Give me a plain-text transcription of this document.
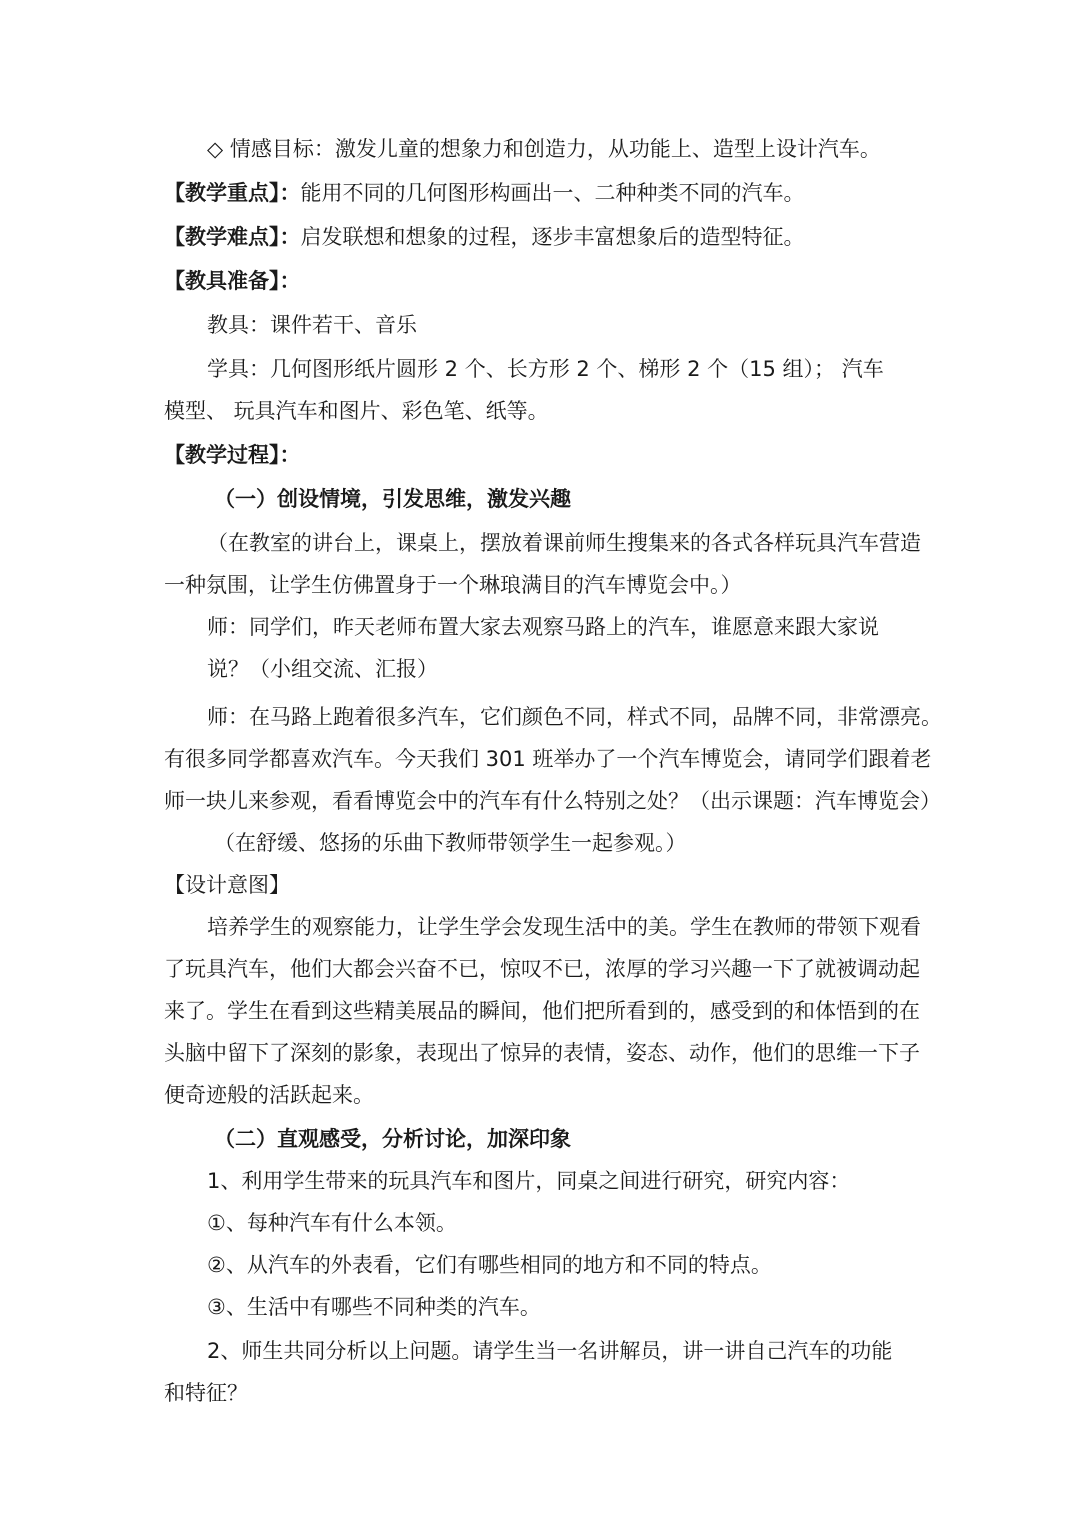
◇ 情感目标：激发儿童的想象力和创造力，从功能上、造型上设计汽车。
【教学重点】：能用不同的几何图形构画出一、二种种类不同的汽车。
【教学难点】：启发联想和想象的过程，逐步丰富想象后的造型特征。
【教具准备】：
教具：课件若干、音乐
学具：几何图形纸片圆形 2 个、长方形 2 个、梯形 2 个（15 组）； 汽车
模型、 玩具汽车和图片、彩色笔、纸等。
【教学过程】：
（一）创设情境，引发思维，激发兴趣
（在教室的讲台上，课桌上，摆放着课前师生搜集来的各式各样玩具汽车营造
一种氛围，让学生仿佛置身于一个琳琅满目的汽车博览会中。）
师：同学们，昨天老师布置大家去观察马路上的汽车，谁愿意来跟大家说
说？（小组交流、汇报）
师：在马路上跑着很多汽车，它们颜色不同，样式不同，品牌不同，非常漂亮。
有很多同学都喜欢汽车。今天我们 301 班举办了一个汽车博览会，请同学们跟着老
师一块儿来参观，看看博览会中的汽车有什么特别之处？（出示课题：汽车博览会）
（在舒缓、悠扬的乐曲下教师带领学生一起参观。）
【设计意图】
培养学生的观察能力，让学生学会发现生活中的美。学生在教师的带领下观看
了玩具汽车，他们大都会兴奋不已，惊叹不已，浓厚的学习兴趣一下了就被调动起
来了。学生在看到这些精美展品的瞬间，他们把所看到的，感受到的和体悟到的在
头脑中留下了深刻的影象，表现出了惊异的表情，姿态、动作，他们的思维一下子
便奇迹般的活跃起来。
（二）直观感受，分析讨论，加深印象
1、利用学生带来的玩具汽车和图片，同桌之间进行研究，研究内容：
①、每种汽车有什么本领。
②、从汽车的外表看，它们有哪些相同的地方和不同的特点。
③、生活中有哪些不同种类的汽车。
2、师生共同分析以上问题。请学生当一名讲解员，讲一讲自己汽车的功能
和特征？
